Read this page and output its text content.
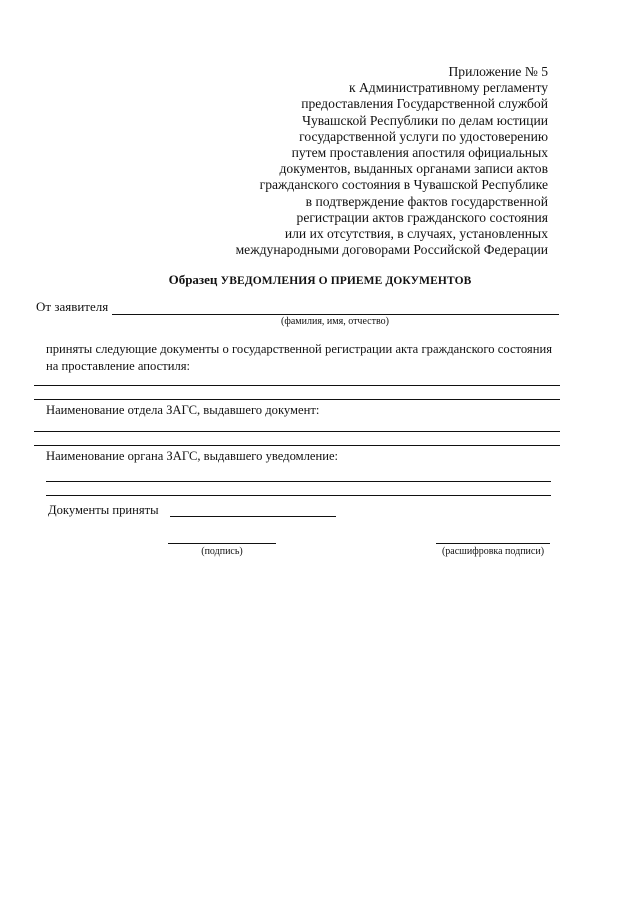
Приложение № 5
к Административному регламенту
предоставления Государственной службой
Чувашской Республики по делам юстиции
государственной услуги по удостоверению
путем проставления апостиля официальных
документов, выданных органами записи актов
гражданского состояния в Чувашской Республике
в подтверждение фактов государственной
регистрации актов гражданского состояния
или их отсутствия, в случаях, установленных
международными договорами Российской Федерации
Образец УВЕДОМЛЕНИЯ О ПРИЕМЕ ДОКУМЕНТОВ
От заявителя
(фамилия, имя, отчество)
приняты следующие документы о государственной регистрации акта гражданского состояния на проставление апостиля:
Наименование отдела ЗАГС, выдавшего документ:
Наименование органа ЗАГС, выдавшего уведомление:
Документы приняты
(подпись)	(расшифровка подписи)
